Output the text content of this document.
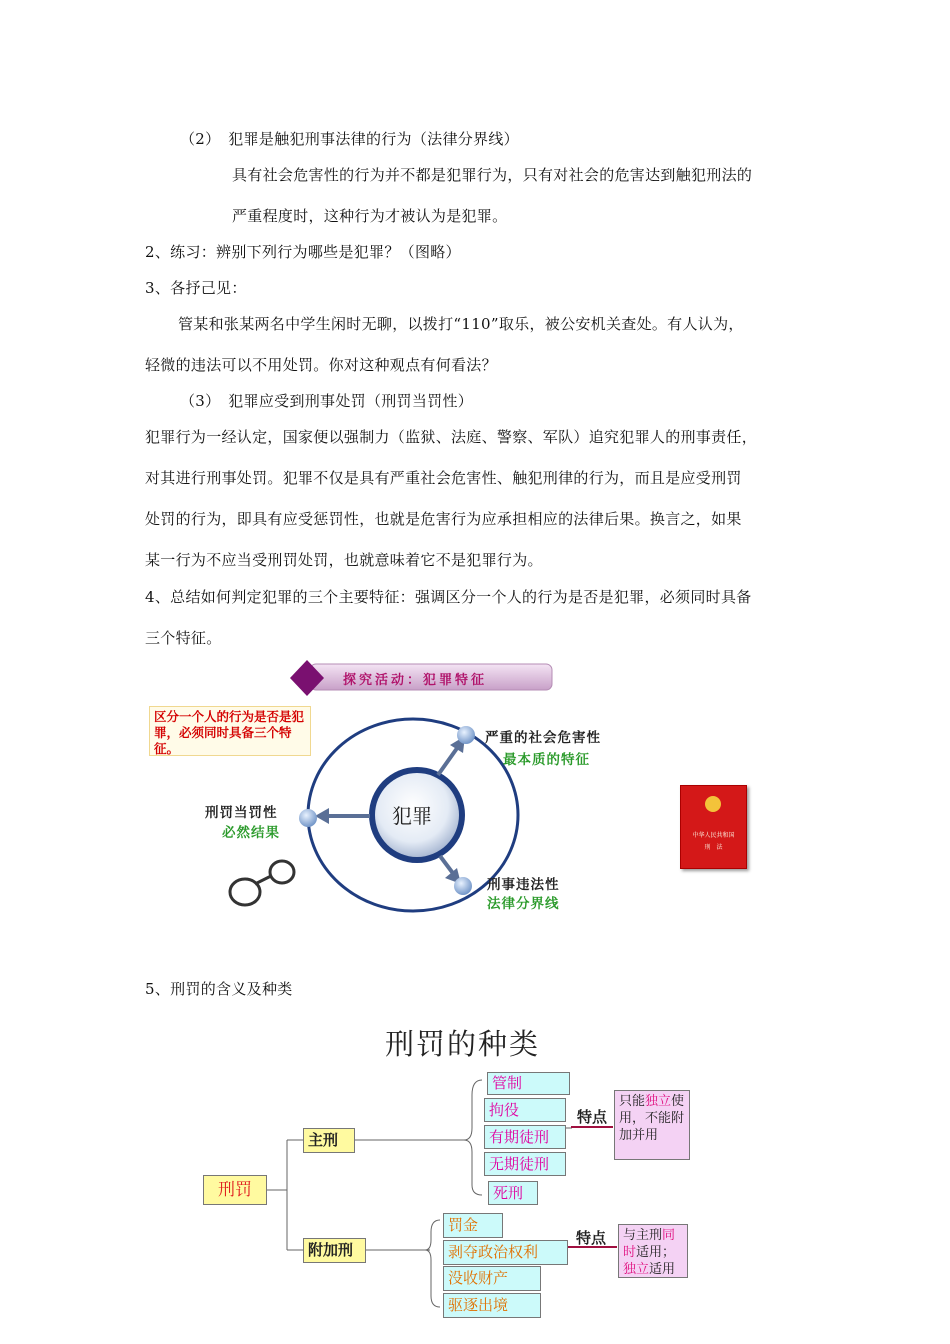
（2）　犯罪是触犯刑事法律的行为（法律分界线）
具有社会危害性的行为并不都是犯罪行为，只有对社会的危害达到触犯刑法的
严重程度时，这种行为才被认为是犯罪。
2、练习：辨别下列行为哪些是犯罪？（图略）
3、各抒己见：
管某和张某两名中学生闲时无聊，以拨打“110”取乐，被公安机关查处。有人认为，
轻微的违法可以不用处罚。你对这种观点有何看法？
（3）　犯罪应受到刑事处罚（刑罚当罚性）
犯罪行为一经认定，国家便以强制力（监狱、法庭、警察、军队）追究犯罪人的刑事责任，
对其进行刑事处罚。犯罪不仅是具有严重社会危害性、触犯刑律的行为，而且是应受刑罚
处罚的行为，即具有应受惩罚性，也就是危害行为应承担相应的法律后果。换言之，如果
某一行为不应当受刑罚处罚，也就意味着它不是犯罪行为。
4、总结如何判定犯罪的三个主要特征：强调区分一个人的行为是否是犯罪，必须同时具备
三个特征。
探究活动：犯罪特征
区分一个人的行为是否是犯罪，必须同时具备三个特征。
犯罪
严重的社会危害性
最本质的特征
刑罚当罚性
必然结果
刑事违法性
法律分界线
中华人民共和国
刑　法
5、刑罚的含义及种类
刑罚的种类
刑罚
主刑
附加刑
管制
拘役
有期徒刑
无期徒刑
死刑
罚金
剥夺政治权利
没收财产
驱逐出境
特点
特点
只能独立使用，不能附加并用
与主刑同时适用；独立适用
